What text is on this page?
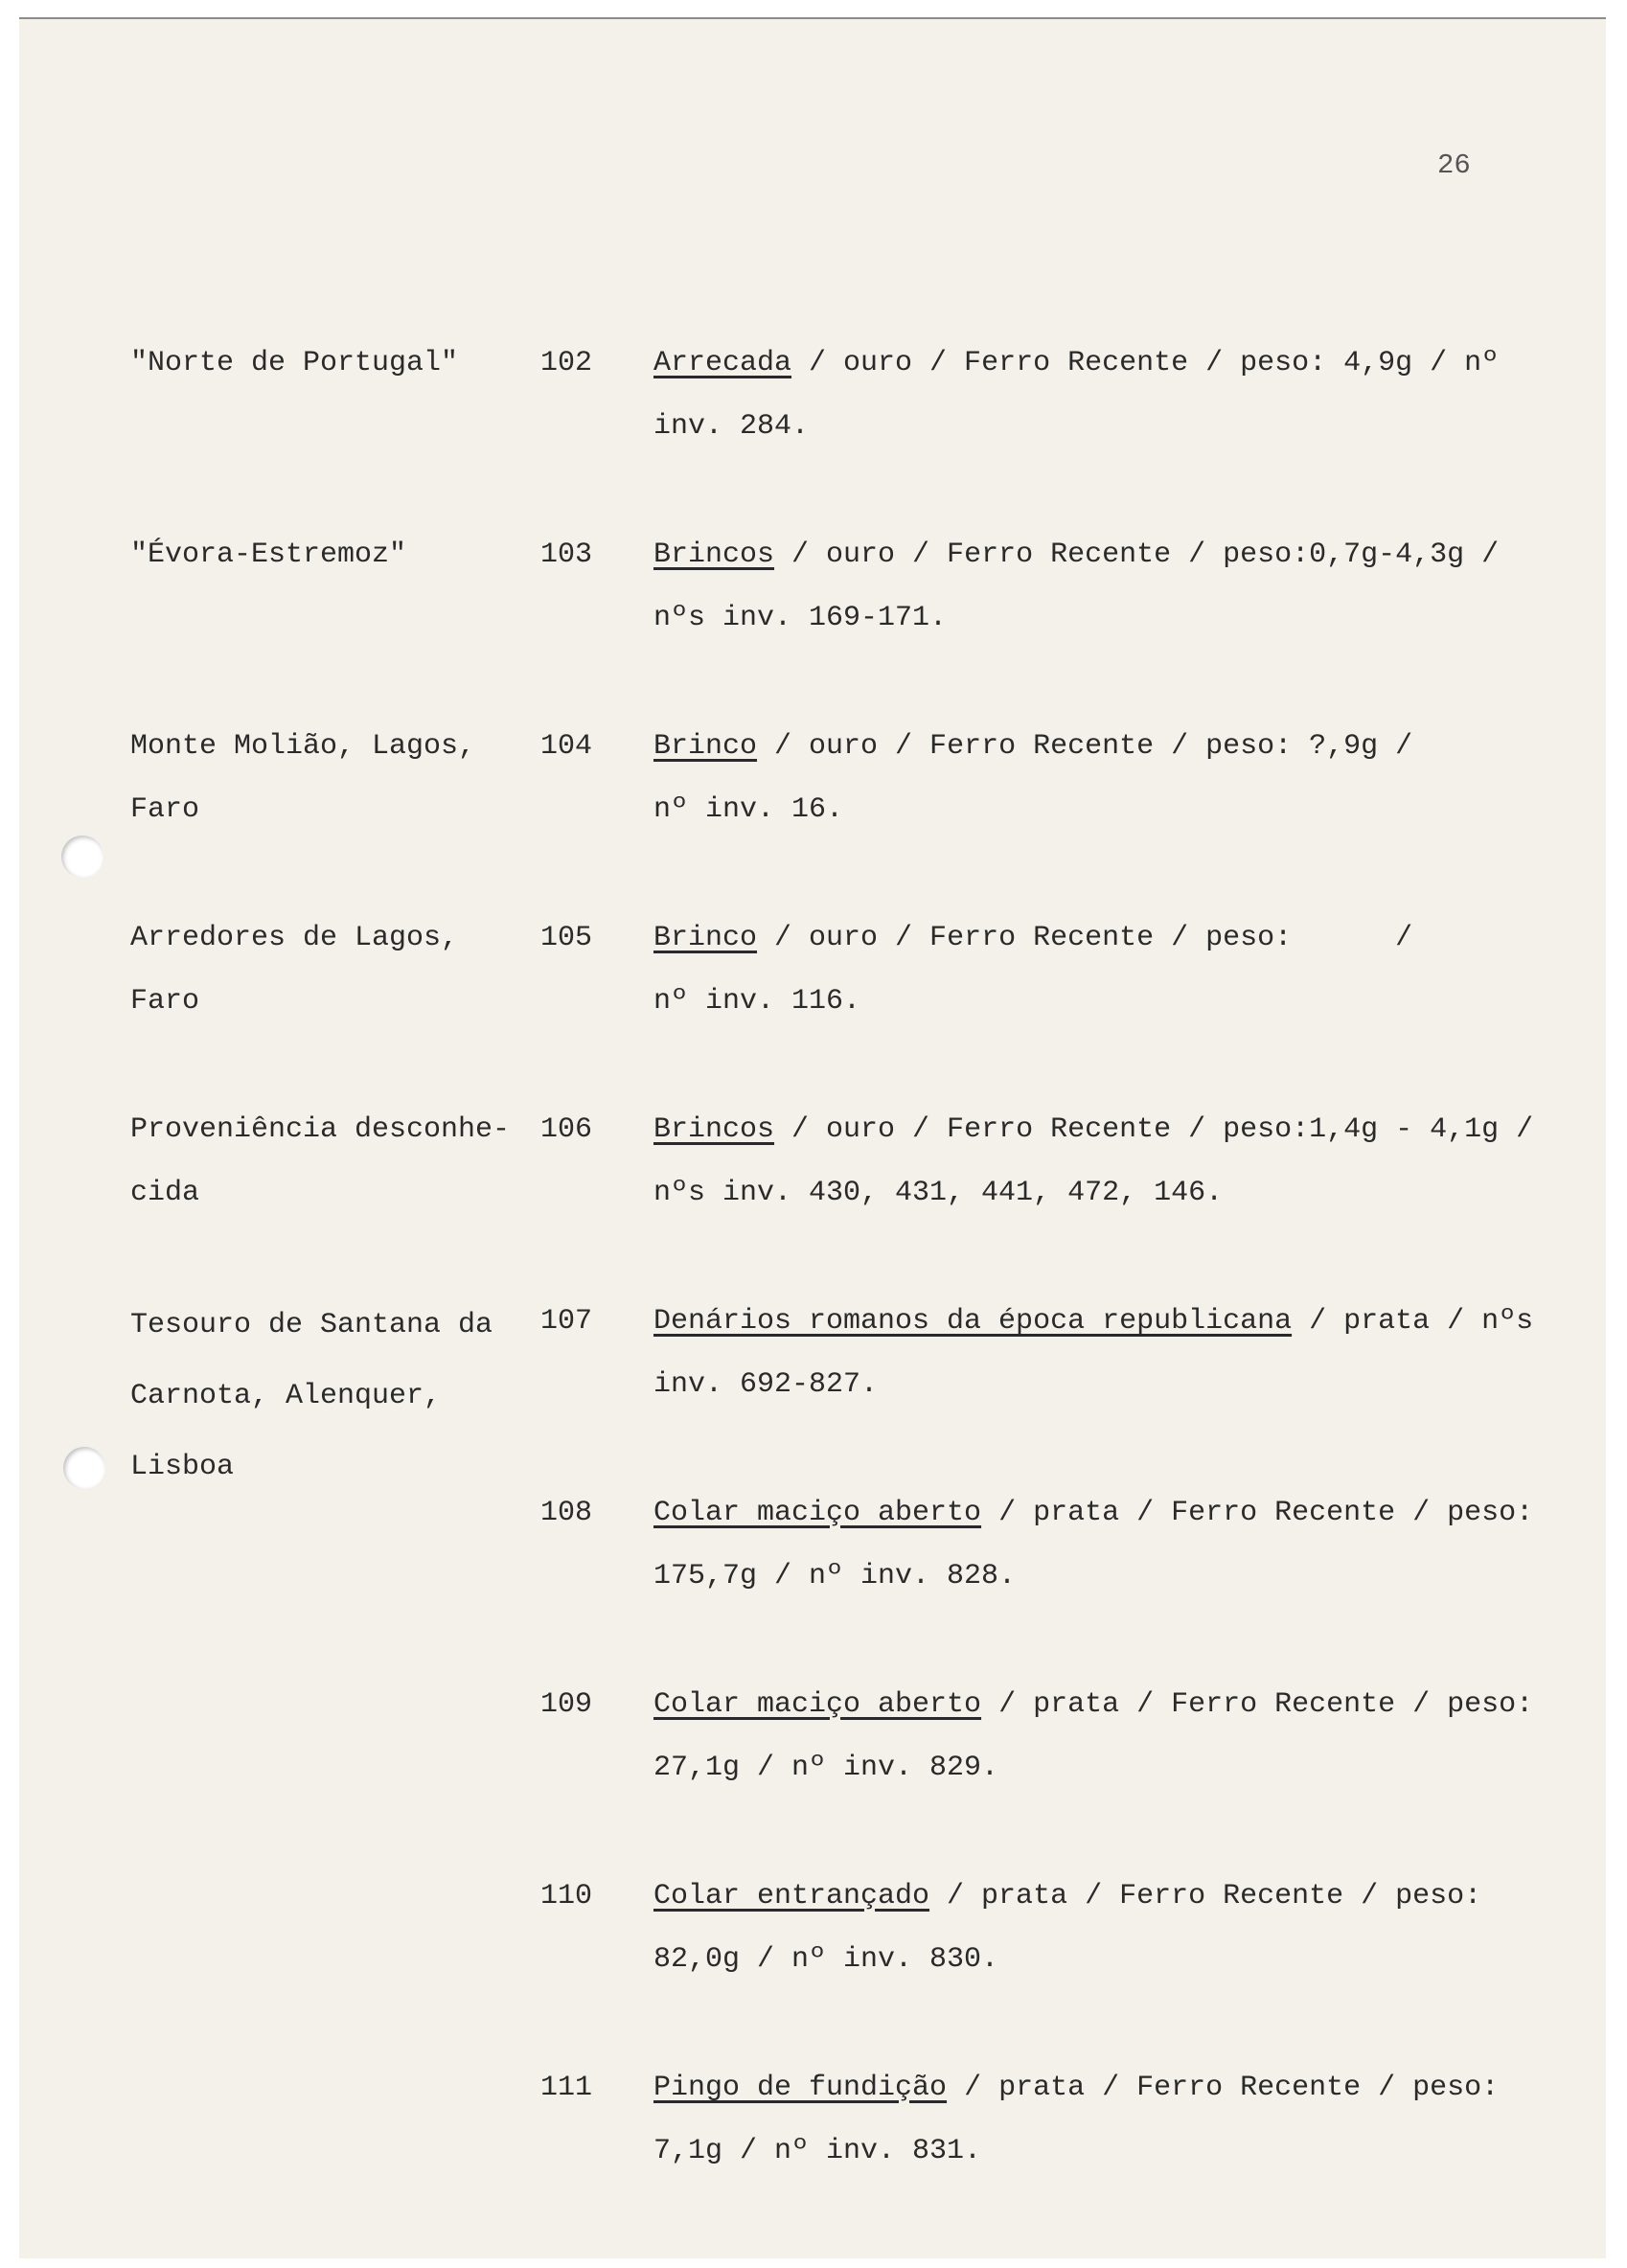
26
"Norte de Portugal"	102 Arrecada / ouro / Ferro Recente / peso: 4,9g / nº
inv. 284.
"Évora-Estremoz"	103 Brincos / ouro / Ferro Recente / peso:0,7g-4,3g /
nºs inv. 169-171.
Monte Molião, Lagos,
Faro
104 Brinco / ouro / Ferro Recente / peso: ?,9g /
nº inv. 16.
Arredores de Lagos,
Faro
105 Brinco / ouro / Ferro Recente / peso:      /
nº inv. 116.
Proveniência desconhe-
cida
106 Brincos / ouro / Ferro Recente / peso:1,4g - 4,1g /
nºs inv. 430, 431, 441, 472, 146.
Tesouro de Santana da
Carnota, Alenquer,
Lisboa
107 Denários romanos da época republicana / prata / nºs
inv. 692-827.
108 Colar maciço aberto / prata / Ferro Recente / peso:
175,7g / nº inv. 828.
109 Colar maciço aberto / prata / Ferro Recente / peso:
27,1g / nº inv. 829.
110 Colar entrançado / prata / Ferro Recente / peso:
82,0g / nº inv. 830.
111 Pingo de fundição / prata / Ferro Recente / peso:
7,1g / nº inv. 831.
